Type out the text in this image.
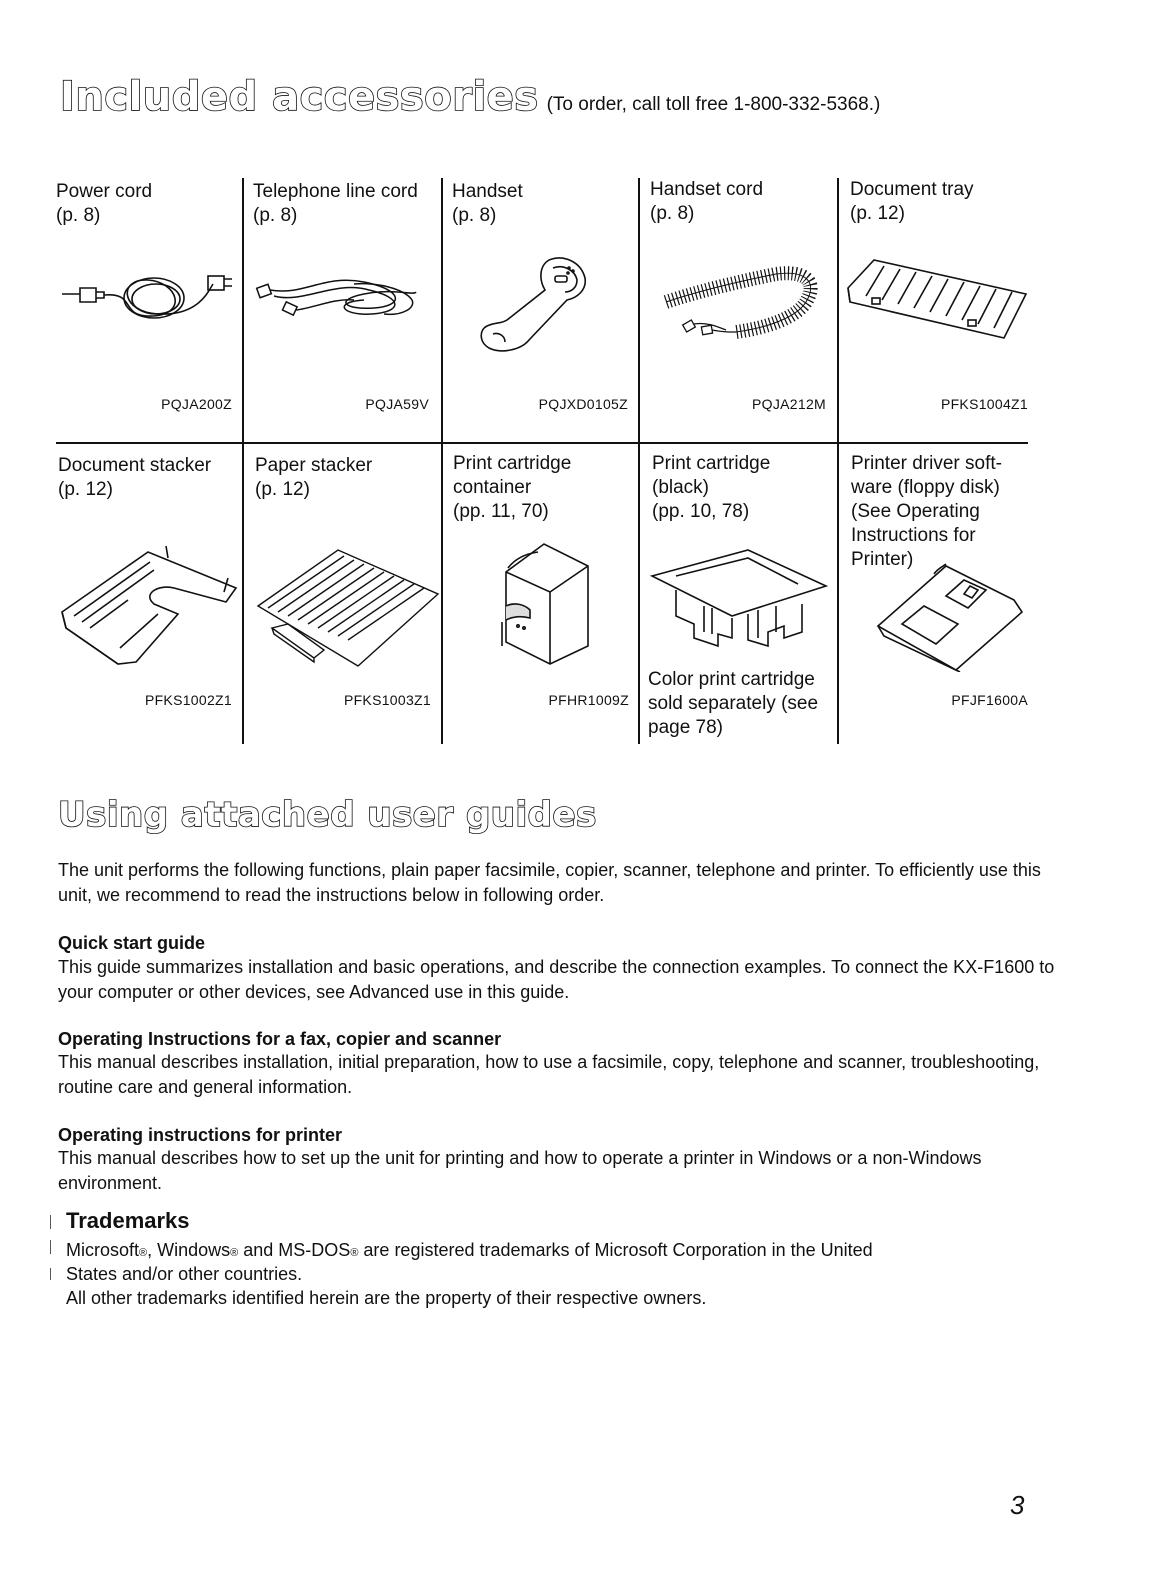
Included accessories (To order, call toll free 1-800-332-5368.)
Power cord
(p. 8)
PQJA200Z
Telephone line cord
(p. 8)
PQJA59V
Handset
(p. 8)
PQJXD0105Z
Handset cord
(p. 8)
PQJA212M
Document tray
(p. 12)
PFKS1004Z1
Document stacker
(p. 12)
PFKS1002Z1
Paper stacker
(p. 12)
PFKS1003Z1
Print cartridge
container
(pp. 11, 70)
PFHR1009Z
Print cartridge
(black)
(pp. 10, 78)
Color print cartridge
sold separately (see
page 78)
Printer driver soft-
ware (floppy disk)
(See Operating
Instructions for
Printer)
PFJF1600A
Using attached user guides
The unit performs the following functions, plain paper facsimile, copier, scanner, telephone and printer. To efficiently use this unit, we recommend to read the instructions below in following order.
Quick start guide
This guide summarizes installation and basic operations, and describe the connection examples. To connect the KX-F1600 to your computer or other devices, see Advanced use in this guide.
Operating Instructions for a fax, copier and scanner
This manual describes installation, initial preparation, how to use a facsimile, copy, telephone and scanner, troubleshooting, routine care and general information.
Operating instructions for printer
This manual describes how to set up the unit for printing and how to operate a printer in Windows or a non-Windows environment.
Trademarks
Microsoft®, Windows® and MS-DOS® are registered trademarks of Microsoft Corporation in the United
States and/or other countries.
All other trademarks identified herein are the property of their respective owners.
3
